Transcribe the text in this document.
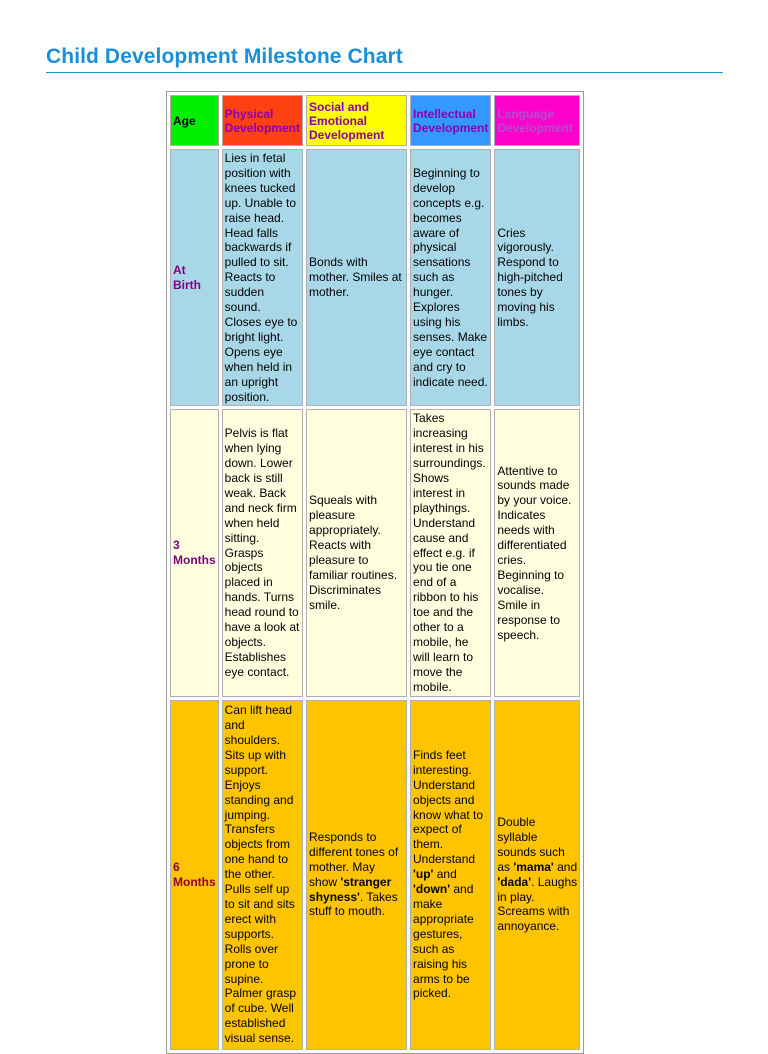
Child Development Milestone Chart
Age	Physical Development	Social and Emotional Development	Intellectual Development	Language Development
At Birth	Lies in fetal position with knees tucked up. Unable to raise head. Head falls backwards if pulled to sit. Reacts to sudden sound. Closes eye to bright light. Opens eye when held in an upright position.	Bonds with mother. Smiles at mother.	Beginning to develop concepts e.g. becomes aware of physical sensations such as hunger. Explores using his senses. Make eye contact and cry to indicate need.	Cries vigorously. Respond to high-pitched tones by moving his limbs.
3 Months	Pelvis is flat when lying down. Lower back is still weak. Back and neck firm when held sitting. Grasps objects placed in hands. Turns head round to have a look at objects. Establishes eye contact.	Squeals with pleasure appropriately. Reacts with pleasure to familiar routines. Discriminates smile.	Takes increasing interest in his surroundings. Shows interest in playthings. Understand cause and effect e.g. if you tie one end of a ribbon to his toe and the other to a mobile, he will learn to move the mobile.	Attentive to sounds made by your voice. Indicates needs with differentiated cries. Beginning to vocalise. Smile in response to speech.
6 Months	Can lift head and shoulders. Sits up with support. Enjoys standing and jumping. Transfers objects from one hand to the other. Pulls self up to sit and sits erect with supports. Rolls over prone to supine. Palmer grasp of cube. Well established visual sense.	Responds to different tones of mother. May show 'stranger shyness'. Takes stuff to mouth.	Finds feet interesting. Understand objects and know what to expect of them. Understand 'up' and 'down' and make appropriate gestures, such as raising his arms to be picked.	Double syllable sounds such as 'mama' and 'dada'. Laughs in play. Screams with annoyance.
